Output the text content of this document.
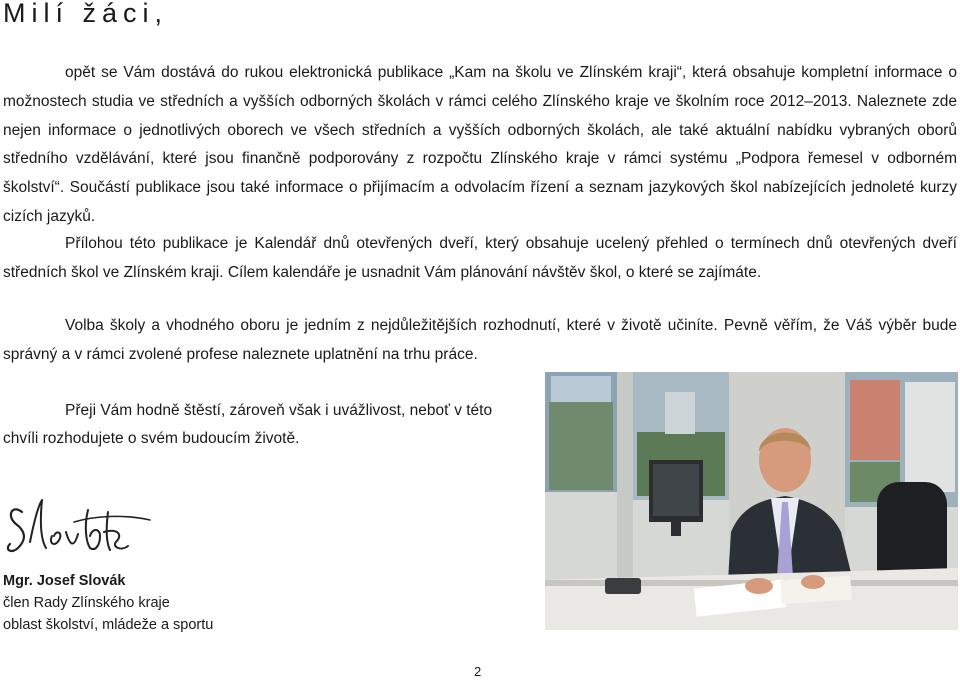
Milí žáci,

opět se Vám dostává do rukou elektronická publikace „Kam na školu ve Zlínském kraji“, která obsahuje kompletní informace o možnostech studia ve středních a vyšších odborných školách v rámci celého Zlínského kraje ve školním roce 2012–2013. Naleznete zde nejen informace o jednotlivých oborech ve všech středních a vyšších odborných školách, ale také aktuální nabídku vybraných oborů středního vzdělávání, které jsou finančně podporovány z rozpočtu Zlínského kraje v rámci systému „Podpora řemesel v odborném školství“. Součástí publikace jsou také informace o přijímacím a odvolacím řízení a seznam jazykových škol nabízejících jednoleté kurzy cizích jazyků.

Přílohou této publikace je Kalendář dnů otevřených dveří, který obsahuje ucelený přehled o termínech dnů otevřených dveří středních škol ve Zlínském kraji. Cílem kalendáře je usnadnit Vám plánování návštěv škol, o které se zajímáte.

Volba školy a vhodného oboru je jedním z nejdůležitějších rozhodnutí, které v životě učiníte. Pevně věřím, že Váš výběr bude správný a v rámci zvolené profese naleznete uplatnění na trhu práce.

Přeji Vám hodně štěstí, zároveň však i uvážlivost, neboť v této chvíli rozhodujete o svém budoucím životě.

Mgr. Josef Slovák
člen Rady Zlínského kraje
oblast školství, mládeže a sportu
2
